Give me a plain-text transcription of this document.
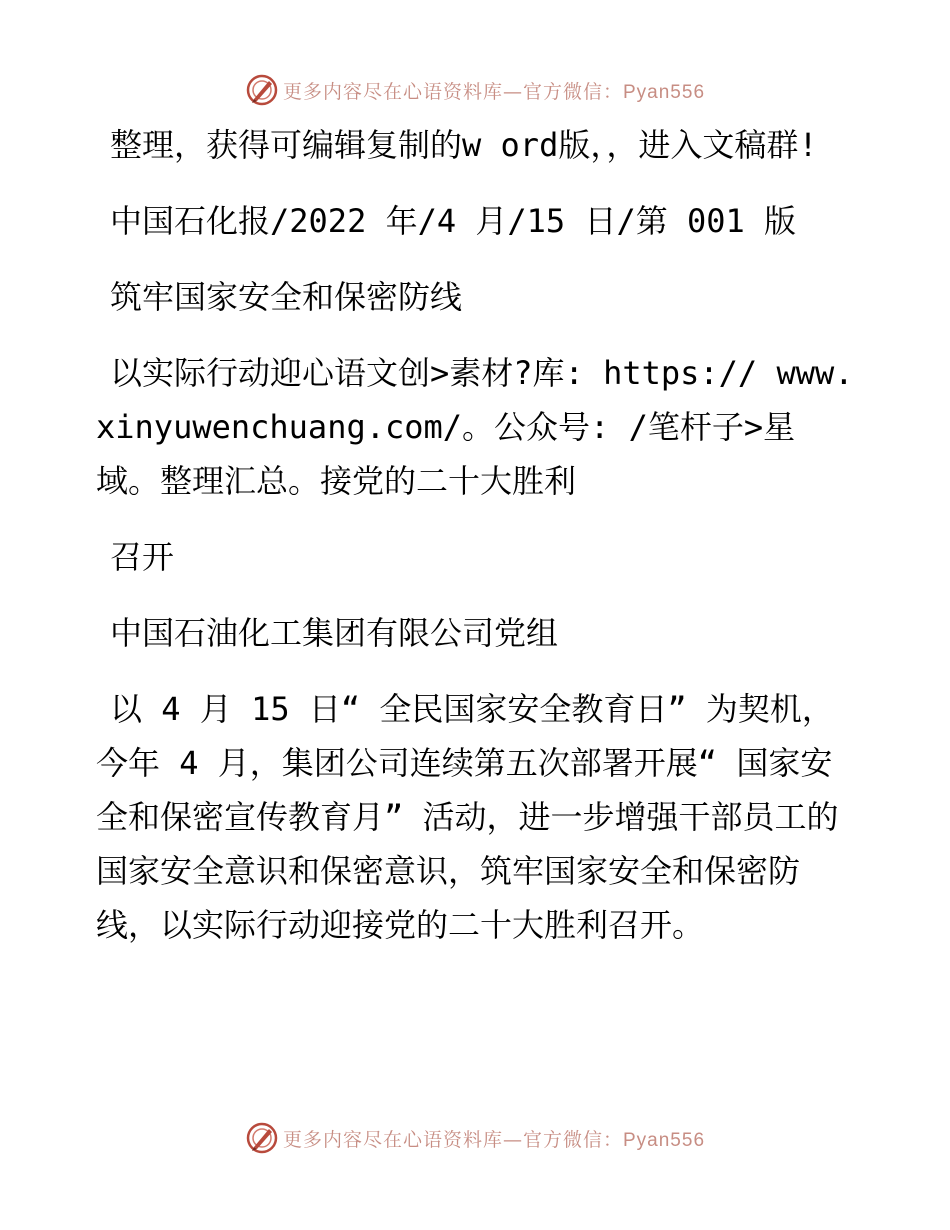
更多内容尽在心语资料库—官方微信：Pyan556

整理，获得可编辑复制的w ord版，，进入文稿群!

中国石化报/2022 年/4 月/15 日/第 001 版

筑牢国家安全和保密防线

以实际行动迎心语文创>素材?库: https:// www.xinyuwenchuang.com/。公众号: /笔杆子>星域。整理汇总。接党的二十大胜利

召开

中国石油化工集团有限公司党组

以 4 月 15 日“ 全民国家安全教育日” 为契机，今年 4 月，集团公司连续第五次部署开展“ 国家安全和保密宣传教育月” 活动，进一步增强干部员工的国家安全意识和保密意识，筑牢国家安全和保密防线，以实际行动迎接党的二十大胜利召开。

更多内容尽在心语资料库—官方微信：Pyan556
